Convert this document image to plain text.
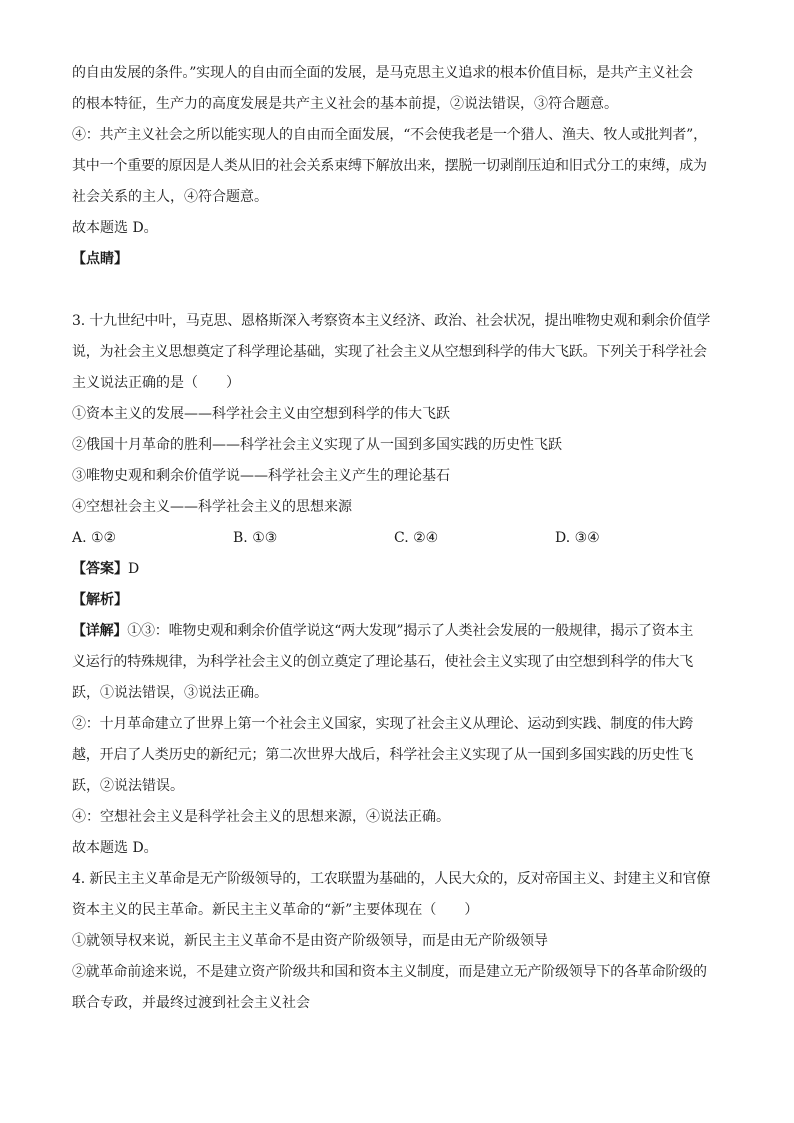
的自由发展的条件。”实现人的自由而全面的发展，是马克思主义追求的根本价值目标，是共产主义社会
的根本特征，生产力的高度发展是共产主义社会的基本前提，②说法错误，③符合题意。
④：共产主义社会之所以能实现人的自由而全面发展，“不会使我老是一个猎人、渔夫、牧人或批判者”，
其中一个重要的原因是人类从旧的社会关系束缚下解放出来，摆脱一切剥削压迫和旧式分工的束缚，成为
社会关系的主人，④符合题意。
故本题选 D。
【点睛】
3. 十九世纪中叶，马克思、恩格斯深入考察资本主义经济、政治、社会状况，提出唯物史观和剩余价值学
说，为社会主义思想奠定了科学理论基础，实现了社会主义从空想到科学的伟大飞跃。下列关于科学社会
主义说法正确的是（　　）
①资本主义的发展——科学社会主义由空想到科学的伟大飞跃
②俄国十月革命的胜利——科学社会主义实现了从一国到多国实践的历史性飞跃
③唯物史观和剩余价值学说——科学社会主义产生的理论基石
④空想社会主义——科学社会主义的思想来源
A. ①②	B. ①③	C. ②④	D. ③④
【答案】D
【解析】
【详解】①③：唯物史观和剩余价值学说这“两大发现”揭示了人类社会发展的一般规律，揭示了资本主
义运行的特殊规律，为科学社会主义的创立奠定了理论基石，使社会主义实现了由空想到科学的伟大飞
跃，①说法错误，③说法正确。
②：十月革命建立了世界上第一个社会主义国家，实现了社会主义从理论、运动到实践、制度的伟大跨
越，开启了人类历史的新纪元；第二次世界大战后，科学社会主义实现了从一国到多国实践的历史性飞
跃，②说法错误。
④：空想社会主义是科学社会主义的思想来源，④说法正确。
故本题选 D。
4. 新民主主义革命是无产阶级领导的，工农联盟为基础的，人民大众的，反对帝国主义、封建主义和官僚
资本主义的民主革命。新民主主义革命的“新”主要体现在（　　）
①就领导权来说，新民主主义革命不是由资产阶级领导，而是由无产阶级领导
②就革命前途来说，不是建立资产阶级共和国和资本主义制度，而是建立无产阶级领导下的各革命阶级的
联合专政，并最终过渡到社会主义社会
